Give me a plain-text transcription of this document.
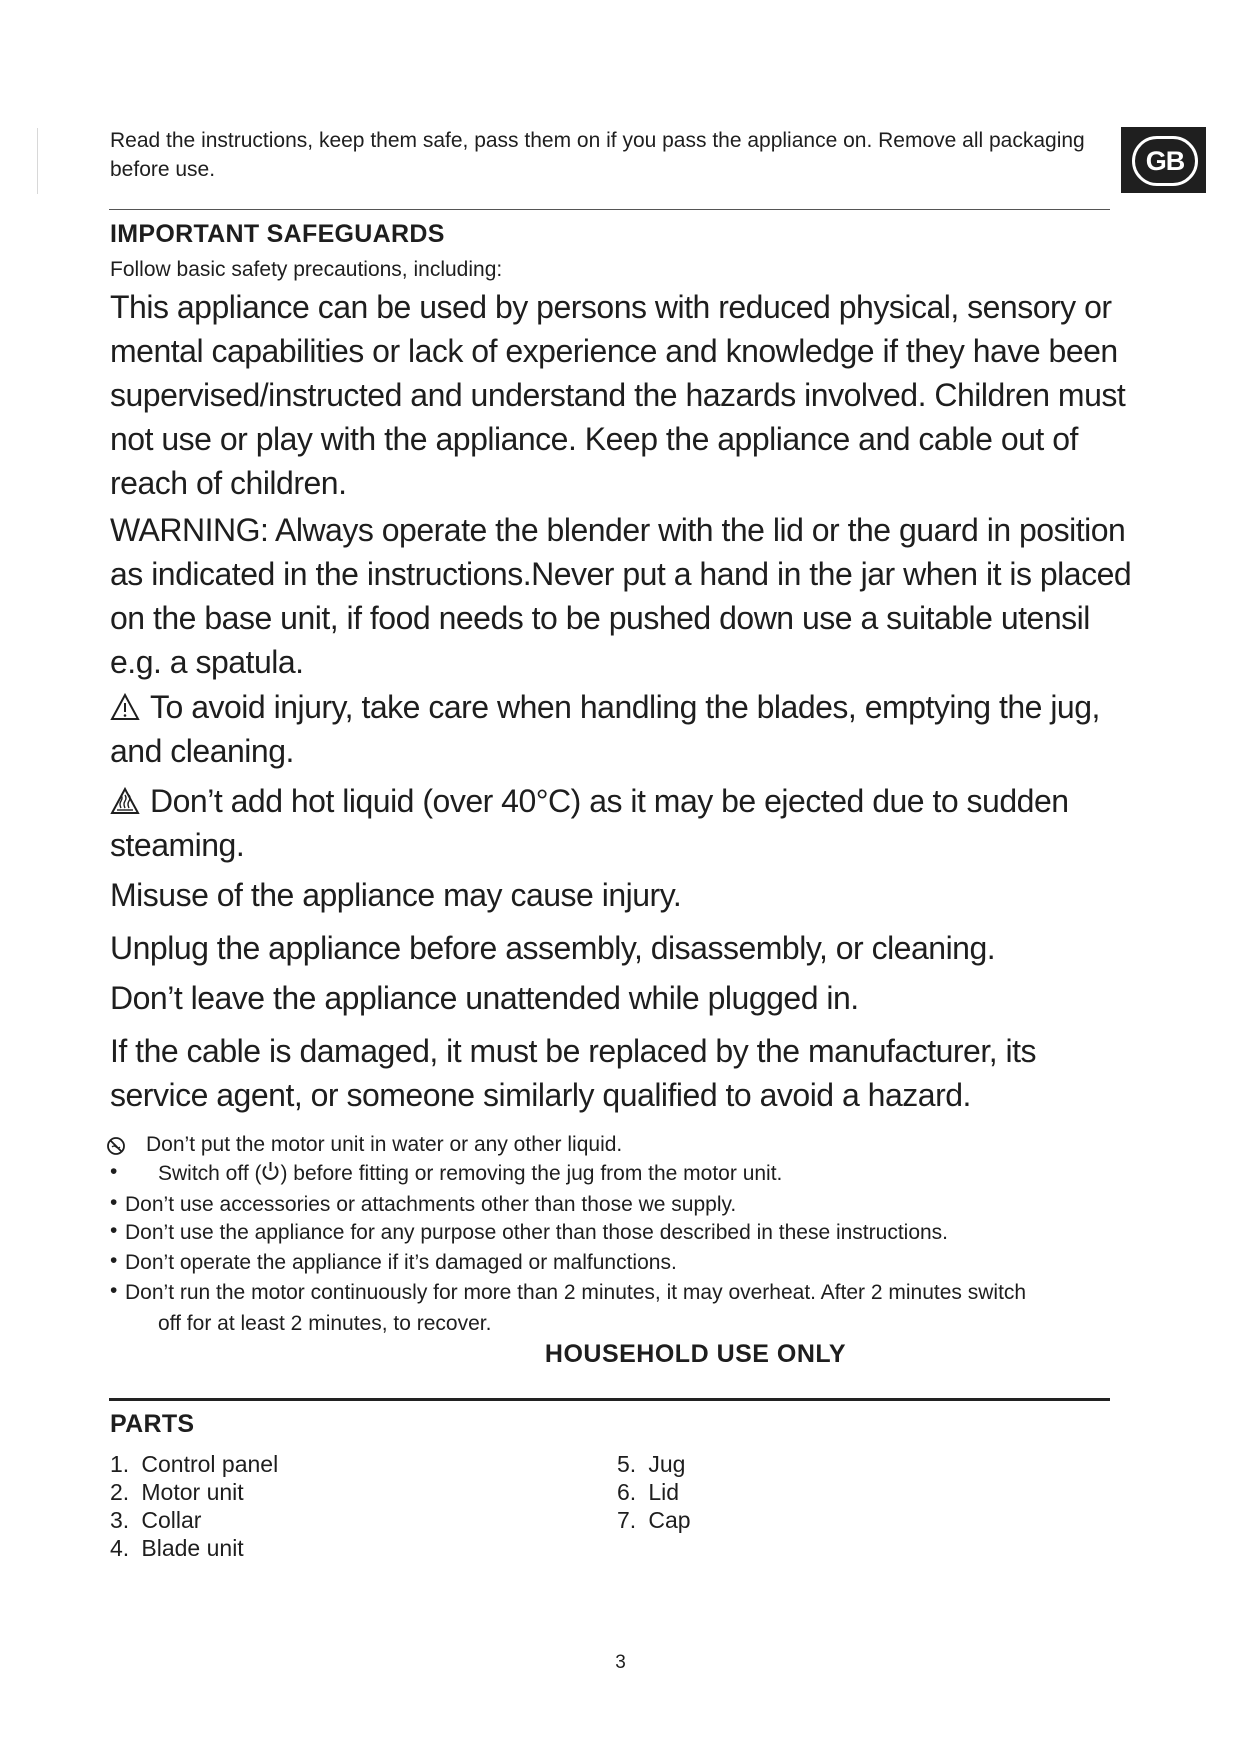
Read the instructions, keep them safe, pass them on if you pass the appliance on. Remove all packaging before use.	GB
IMPORTANT SAFEGUARDS

Follow basic safety precautions, including:

This appliance can be used by persons with reduced physical, sensory or mental capabilities or lack of experience and knowledge if they have been supervised/instructed and understand the hazards involved. Children must not use or play with the appliance. Keep the appliance and cable out of reach of children.

WARNING: Always operate the blender with the lid or the guard in position as indicated in the instructions.Never put a hand in the jar when it is placed on the base unit, if food needs to be pushed down use a suitable utensil e.g. a spatula.

To avoid injury, take care when handling the blades, emptying the jug, and cleaning.

Don’t add hot liquid (over 40°C) as it may be ejected due to sudden steaming.

Misuse of the appliance may cause injury.

Unplug the appliance before assembly, disassembly, or cleaning.

Don’t leave the appliance unattended while plugged in.

If the cable is damaged, it must be replaced by the manufacturer, its service agent, or someone similarly qualified to avoid a hazard.

Don’t put the motor unit in water or any other liquid.

• Switch off ( ) before fitting or removing the jug from the motor unit.

• Don’t use accessories or attachments other than those we supply.

• Don’t use the appliance for any purpose other than those described in these instructions.

• Don’t operate the appliance if it’s damaged or malfunctions.

• Don’t run the motor continuously for more than 2 minutes, it may overheat. After 2 minutes switch

off for at least 2 minutes, to recover.

HOUSEHOLD USE ONLY

PARTS
1. Control panel
2. Motor unit
3. Collar
4. Blade unit
5. Jug
6. Lid
7. Cap

3
